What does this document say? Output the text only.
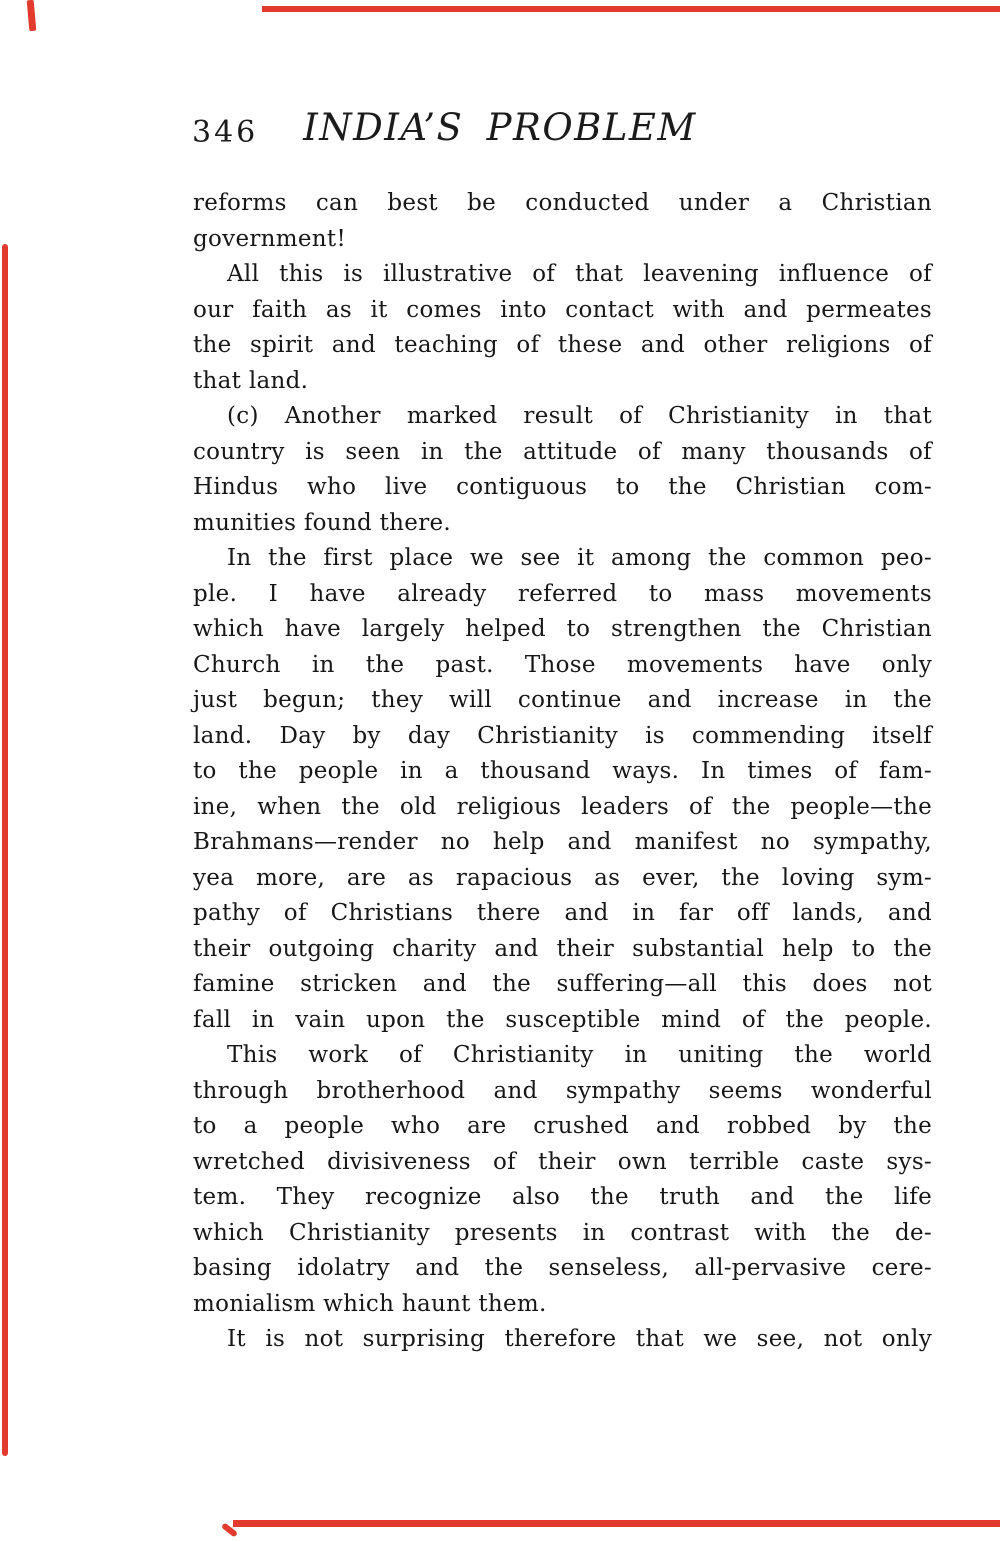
346	INDIA’S PROBLEM
reforms can best be conducted under a Christian
government!
All this is illustrative of that leavening influence of
our faith as it comes into contact with and permeates
the spirit and teaching of these and other religions of
that land.
(c) Another marked result of Christianity in that
country is seen in the attitude of many thousands of
Hindus who live contiguous to the Christian com-
munities found there.
In the first place we see it among the common peo-
ple. I have already referred to mass movements
which have largely helped to strengthen the Christian
Church in the past. Those movements have only
just begun; they will continue and increase in the
land. Day by day Christianity is commending itself
to the people in a thousand ways. In times of fam-
ine, when the old religious leaders of the people—the
Brahmans—render no help and manifest no sympathy,
yea more, are as rapacious as ever, the loving sym-
pathy of Christians there and in far off lands, and
their outgoing charity and their substantial help to the
famine stricken and the suffering—all this does not
fall in vain upon the susceptible mind of the people.
This work of Christianity in uniting the world
through brotherhood and sympathy seems wonderful
to a people who are crushed and robbed by the
wretched divisiveness of their own terrible caste sys-
tem. They recognize also the truth and the life
which Christianity presents in contrast with the de-
basing idolatry and the senseless, all-pervasive cere-
monialism which haunt them.
It is not surprising therefore that we see, not only
